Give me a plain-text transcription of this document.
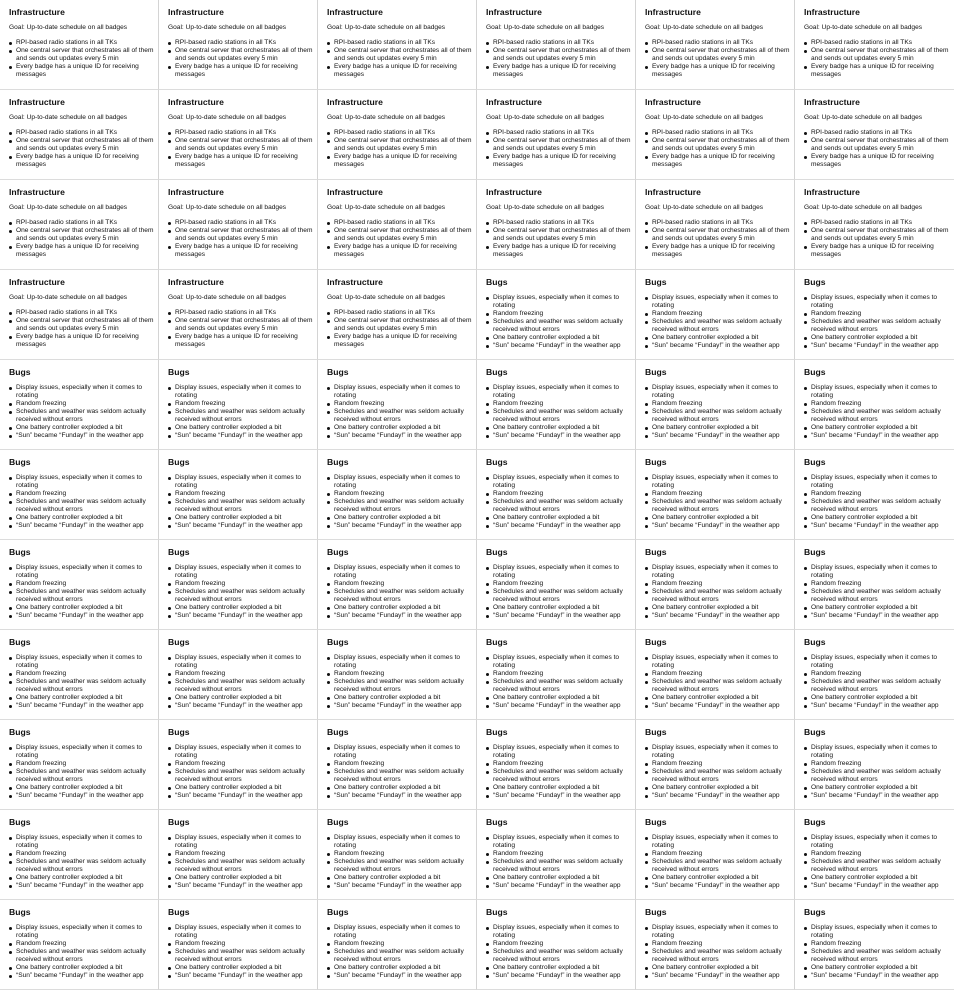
Infrastructure
Goal: Up-to-date schedule on all badges
RPI-based radio stations in all TKs
One central server that orchestrates all of them and sends out updates every 5 min
Every badge has a unique ID for receiving messages
Infrastructure
Goal: Up-to-date schedule on all badges
RPI-based radio stations in all TKs
One central server that orchestrates all of them and sends out updates every 5 min
Every badge has a unique ID for receiving messages
Infrastructure
Goal: Up-to-date schedule on all badges
RPI-based radio stations in all TKs
One central server that orchestrates all of them and sends out updates every 5 min
Every badge has a unique ID for receiving messages
Infrastructure
Goal: Up-to-date schedule on all badges
RPI-based radio stations in all TKs
One central server that orchestrates all of them and sends out updates every 5 min
Every badge has a unique ID for receiving messages
Infrastructure
Goal: Up-to-date schedule on all badges
RPI-based radio stations in all TKs
One central server that orchestrates all of them and sends out updates every 5 min
Every badge has a unique ID for receiving messages
Infrastructure
Goal: Up-to-date schedule on all badges
RPI-based radio stations in all TKs
One central server that orchestrates all of them and sends out updates every 5 min
Every badge has a unique ID for receiving messages
Infrastructure
Goal: Up-to-date schedule on all badges
RPI-based radio stations in all TKs
One central server that orchestrates all of them and sends out updates every 5 min
Every badge has a unique ID for receiving messages
Infrastructure
Goal: Up-to-date schedule on all badges
RPI-based radio stations in all TKs
One central server that orchestrates all of them and sends out updates every 5 min
Every badge has a unique ID for receiving messages
Infrastructure
Goal: Up-to-date schedule on all badges
RPI-based radio stations in all TKs
One central server that orchestrates all of them and sends out updates every 5 min
Every badge has a unique ID for receiving messages
Infrastructure
Goal: Up-to-date schedule on all badges
RPI-based radio stations in all TKs
One central server that orchestrates all of them and sends out updates every 5 min
Every badge has a unique ID for receiving messages
Infrastructure
Goal: Up-to-date schedule on all badges
RPI-based radio stations in all TKs
One central server that orchestrates all of them and sends out updates every 5 min
Every badge has a unique ID for receiving messages
Infrastructure
Goal: Up-to-date schedule on all badges
RPI-based radio stations in all TKs
One central server that orchestrates all of them and sends out updates every 5 min
Every badge has a unique ID for receiving messages
Infrastructure
Goal: Up-to-date schedule on all badges
RPI-based radio stations in all TKs
One central server that orchestrates all of them and sends out updates every 5 min
Every badge has a unique ID for receiving messages
Infrastructure
Goal: Up-to-date schedule on all badges
RPI-based radio stations in all TKs
One central server that orchestrates all of them and sends out updates every 5 min
Every badge has a unique ID for receiving messages
Infrastructure
Goal: Up-to-date schedule on all badges
RPI-based radio stations in all TKs
One central server that orchestrates all of them and sends out updates every 5 min
Every badge has a unique ID for receiving messages
Infrastructure
Goal: Up-to-date schedule on all badges
RPI-based radio stations in all TKs
One central server that orchestrates all of them and sends out updates every 5 min
Every badge has a unique ID for receiving messages
Infrastructure
Goal: Up-to-date schedule on all badges
RPI-based radio stations in all TKs
One central server that orchestrates all of them and sends out updates every 5 min
Every badge has a unique ID for receiving messages
Infrastructure
Goal: Up-to-date schedule on all badges
RPI-based radio stations in all TKs
One central server that orchestrates all of them and sends out updates every 5 min
Every badge has a unique ID for receiving messages
Infrastructure
Goal: Up-to-date schedule on all badges
RPI-based radio stations in all TKs
One central server that orchestrates all of them and sends out updates every 5 min
Every badge has a unique ID for receiving messages
Infrastructure
Goal: Up-to-date schedule on all badges
RPI-based radio stations in all TKs
One central server that orchestrates all of them and sends out updates every 5 min
Every badge has a unique ID for receiving messages
Infrastructure
Goal: Up-to-date schedule on all badges
RPI-based radio stations in all TKs
One central server that orchestrates all of them and sends out updates every 5 min
Every badge has a unique ID for receiving messages
Bugs
Display issues, especially when it comes to rotating
Random freezing
Schedules and weather was seldom actually received without errors
One battery controller exploded a bit
“Sun” became “Funday!” in the weather app
Bugs
Display issues, especially when it comes to rotating
Random freezing
Schedules and weather was seldom actually received without errors
One battery controller exploded a bit
“Sun” became “Funday!” in the weather app
Bugs
Display issues, especially when it comes to rotating
Random freezing
Schedules and weather was seldom actually received without errors
One battery controller exploded a bit
“Sun” became “Funday!” in the weather app
Bugs
Display issues, especially when it comes to rotating
Random freezing
Schedules and weather was seldom actually received without errors
One battery controller exploded a bit
“Sun” became “Funday!” in the weather app
Bugs
Display issues, especially when it comes to rotating
Random freezing
Schedules and weather was seldom actually received without errors
One battery controller exploded a bit
“Sun” became “Funday!” in the weather app
Bugs
Display issues, especially when it comes to rotating
Random freezing
Schedules and weather was seldom actually received without errors
One battery controller exploded a bit
“Sun” became “Funday!” in the weather app
Bugs
Display issues, especially when it comes to rotating
Random freezing
Schedules and weather was seldom actually received without errors
One battery controller exploded a bit
“Sun” became “Funday!” in the weather app
Bugs
Display issues, especially when it comes to rotating
Random freezing
Schedules and weather was seldom actually received without errors
One battery controller exploded a bit
“Sun” became “Funday!” in the weather app
Bugs
Display issues, especially when it comes to rotating
Random freezing
Schedules and weather was seldom actually received without errors
One battery controller exploded a bit
“Sun” became “Funday!” in the weather app
Bugs
Display issues, especially when it comes to rotating
Random freezing
Schedules and weather was seldom actually received without errors
One battery controller exploded a bit
“Sun” became “Funday!” in the weather app
Bugs
Display issues, especially when it comes to rotating
Random freezing
Schedules and weather was seldom actually received without errors
One battery controller exploded a bit
“Sun” became “Funday!” in the weather app
Bugs
Display issues, especially when it comes to rotating
Random freezing
Schedules and weather was seldom actually received without errors
One battery controller exploded a bit
“Sun” became “Funday!” in the weather app
Bugs
Display issues, especially when it comes to rotating
Random freezing
Schedules and weather was seldom actually received without errors
One battery controller exploded a bit
“Sun” became “Funday!” in the weather app
Bugs
Display issues, especially when it comes to rotating
Random freezing
Schedules and weather was seldom actually received without errors
One battery controller exploded a bit
“Sun” became “Funday!” in the weather app
Bugs
Display issues, especially when it comes to rotating
Random freezing
Schedules and weather was seldom actually received without errors
One battery controller exploded a bit
“Sun” became “Funday!” in the weather app
Bugs
Display issues, especially when it comes to rotating
Random freezing
Schedules and weather was seldom actually received without errors
One battery controller exploded a bit
“Sun” became “Funday!” in the weather app
Bugs
Display issues, especially when it comes to rotating
Random freezing
Schedules and weather was seldom actually received without errors
One battery controller exploded a bit
“Sun” became “Funday!” in the weather app
Bugs
Display issues, especially when it comes to rotating
Random freezing
Schedules and weather was seldom actually received without errors
One battery controller exploded a bit
“Sun” became “Funday!” in the weather app
Bugs
Display issues, especially when it comes to rotating
Random freezing
Schedules and weather was seldom actually received without errors
One battery controller exploded a bit
“Sun” became “Funday!” in the weather app
Bugs
Display issues, especially when it comes to rotating
Random freezing
Schedules and weather was seldom actually received without errors
One battery controller exploded a bit
“Sun” became “Funday!” in the weather app
Bugs
Display issues, especially when it comes to rotating
Random freezing
Schedules and weather was seldom actually received without errors
One battery controller exploded a bit
“Sun” became “Funday!” in the weather app
Bugs
Display issues, especially when it comes to rotating
Random freezing
Schedules and weather was seldom actually received without errors
One battery controller exploded a bit
“Sun” became “Funday!” in the weather app
Bugs
Display issues, especially when it comes to rotating
Random freezing
Schedules and weather was seldom actually received without errors
One battery controller exploded a bit
“Sun” became “Funday!” in the weather app
Bugs
Display issues, especially when it comes to rotating
Random freezing
Schedules and weather was seldom actually received without errors
One battery controller exploded a bit
“Sun” became “Funday!” in the weather app
Bugs
Display issues, especially when it comes to rotating
Random freezing
Schedules and weather was seldom actually received without errors
One battery controller exploded a bit
“Sun” became “Funday!” in the weather app
Bugs
Display issues, especially when it comes to rotating
Random freezing
Schedules and weather was seldom actually received without errors
One battery controller exploded a bit
“Sun” became “Funday!” in the weather app
Bugs
Display issues, especially when it comes to rotating
Random freezing
Schedules and weather was seldom actually received without errors
One battery controller exploded a bit
“Sun” became “Funday!” in the weather app
Bugs
Display issues, especially when it comes to rotating
Random freezing
Schedules and weather was seldom actually received without errors
One battery controller exploded a bit
“Sun” became “Funday!” in the weather app
Bugs
Display issues, especially when it comes to rotating
Random freezing
Schedules and weather was seldom actually received without errors
One battery controller exploded a bit
“Sun” became “Funday!” in the weather app
Bugs
Display issues, especially when it comes to rotating
Random freezing
Schedules and weather was seldom actually received without errors
One battery controller exploded a bit
“Sun” became “Funday!” in the weather app
Bugs
Display issues, especially when it comes to rotating
Random freezing
Schedules and weather was seldom actually received without errors
One battery controller exploded a bit
“Sun” became “Funday!” in the weather app
Bugs
Display issues, especially when it comes to rotating
Random freezing
Schedules and weather was seldom actually received without errors
One battery controller exploded a bit
“Sun” became “Funday!” in the weather app
Bugs
Display issues, especially when it comes to rotating
Random freezing
Schedules and weather was seldom actually received without errors
One battery controller exploded a bit
“Sun” became “Funday!” in the weather app
Bugs
Display issues, especially when it comes to rotating
Random freezing
Schedules and weather was seldom actually received without errors
One battery controller exploded a bit
“Sun” became “Funday!” in the weather app
Bugs
Display issues, especially when it comes to rotating
Random freezing
Schedules and weather was seldom actually received without errors
One battery controller exploded a bit
“Sun” became “Funday!” in the weather app
Bugs
Display issues, especially when it comes to rotating
Random freezing
Schedules and weather was seldom actually received without errors
One battery controller exploded a bit
“Sun” became “Funday!” in the weather app
Bugs
Display issues, especially when it comes to rotating
Random freezing
Schedules and weather was seldom actually received without errors
One battery controller exploded a bit
“Sun” became “Funday!” in the weather app
Bugs
Display issues, especially when it comes to rotating
Random freezing
Schedules and weather was seldom actually received without errors
One battery controller exploded a bit
“Sun” became “Funday!” in the weather app
Bugs
Display issues, especially when it comes to rotating
Random freezing
Schedules and weather was seldom actually received without errors
One battery controller exploded a bit
“Sun” became “Funday!” in the weather app
Bugs
Display issues, especially when it comes to rotating
Random freezing
Schedules and weather was seldom actually received without errors
One battery controller exploded a bit
“Sun” became “Funday!” in the weather app
Bugs
Display issues, especially when it comes to rotating
Random freezing
Schedules and weather was seldom actually received without errors
One battery controller exploded a bit
“Sun” became “Funday!” in the weather app
Bugs
Display issues, especially when it comes to rotating
Random freezing
Schedules and weather was seldom actually received without errors
One battery controller exploded a bit
“Sun” became “Funday!” in the weather app
Bugs
Display issues, especially when it comes to rotating
Random freezing
Schedules and weather was seldom actually received without errors
One battery controller exploded a bit
“Sun” became “Funday!” in the weather app
Bugs
Display issues, especially when it comes to rotating
Random freezing
Schedules and weather was seldom actually received without errors
One battery controller exploded a bit
“Sun” became “Funday!” in the weather app
Bugs
Display issues, especially when it comes to rotating
Random freezing
Schedules and weather was seldom actually received without errors
One battery controller exploded a bit
“Sun” became “Funday!” in the weather app
